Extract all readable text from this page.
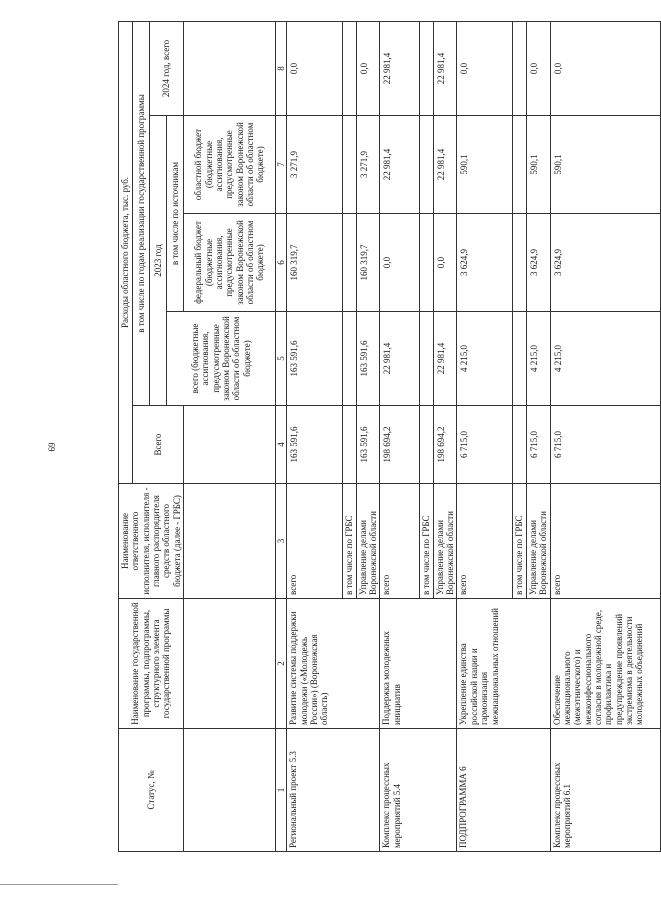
69
Статус, №	Наименование государственной программы, подпрограммы, структурного элемента государственной программы	Наименование ответственного исполнителя, исполнителя - главного распорядителя средств областного бюджета (далее - ГРБС)	Расходы областного бюджета, тыс. руб.				
			Всего	в том числе по годам реализации государственной программы			
				2023 год			2024 год, всего
				всего (бюджетные ассигнования, предусмотренные законом Воронежской области об областном бюджете)	в том числе по источникам		
					федеральный бюджет (бюджетные ассигнования, предусмотренные законом Воронежской области об областном бюджете)	областной бюджет (бюджетные ассигнования, предусмотренные законом Воронежской области об областном бюджете)	
1	2	3	4	5	6	7	8
Региональный проект 5.3	Развитие системы поддержки молодежи («Молодежь России») (Воронежская область)	всего	163 591,6	163 591,6	160 319,7	3 271,9	0,0
		в том числе по ГРБС					
		Управление делами Воронежской области	163 591,6	163 591,6	160 319,7	3 271,9	0,0
Комплекс процессных мероприятий 5.4	Поддержка молодежных инициатив	всего	198 694,2	22 981,4	0,0	22 981,4	22 981,4
		в том числе по ГРБС					
		Управление делами Воронежской области	198 694,2	22 981,4	0,0	22 981,4	22 981,4
ПОДПРОГРАММА 6	Укрепление единства российской нации и гармонизация межнациональных отношений	всего	6 715,0	4 215,0	3 624,9	590,1	0,0
		в том числе по ГРБС					
		Управление делами Воронежской области	6 715,0	4 215,0	3 624,9	590,1	0,0
Комплекс процессных мероприятий 6.1	Обеспечение межнационального (межэтнического) и межконфессионального согласия в молодежной среде, профилактика и предупреждение проявлений экстремизма в деятельности молодежных объединений	всего	6 715,0	4 215,0	3 624,9	590,1	0,0
